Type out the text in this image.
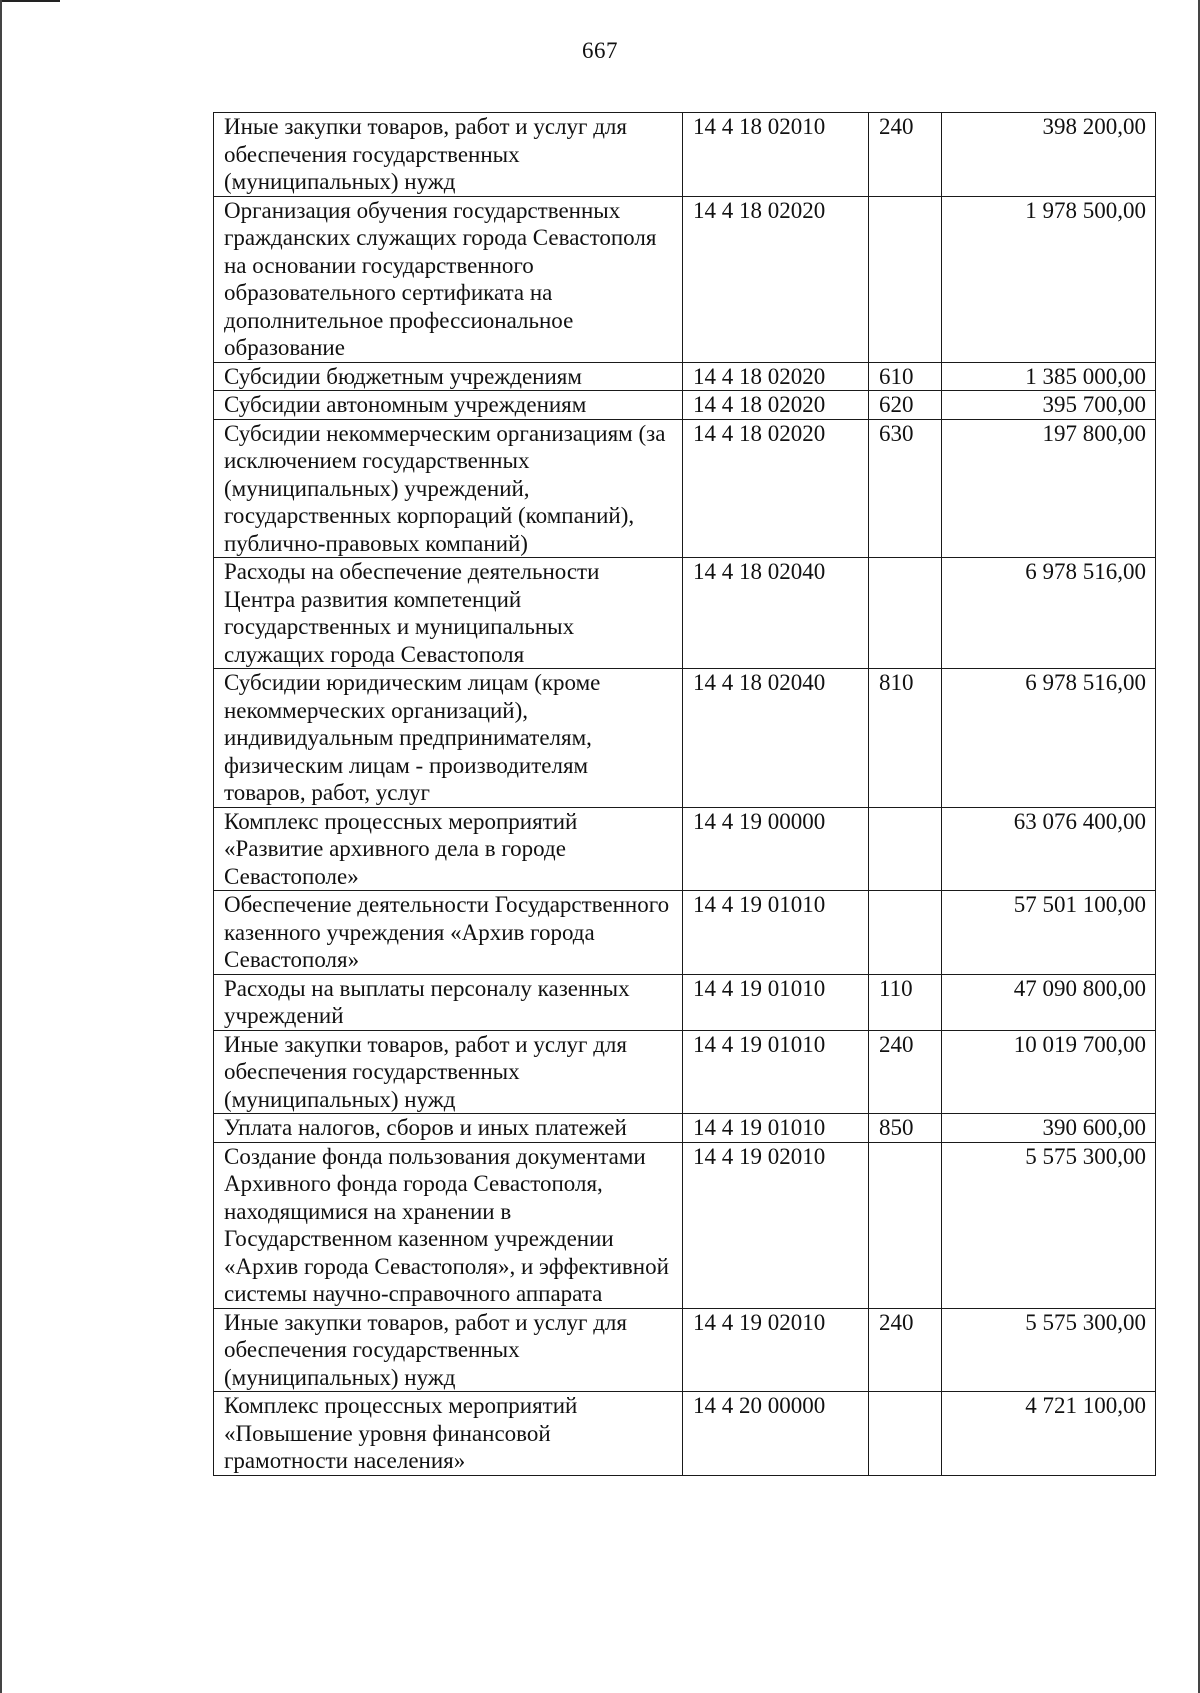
667
Иные закупки товаров, работ и услуг для обеспечения государственных (муниципальных) нужд	14 4 18 02010	240	398 200,00
Организация обучения государственных гражданских служащих города Севастополя на основании государственного образовательного сертификата на дополнительное профессиональное образование	14 4 18 02020		1 978 500,00
Субсидии бюджетным учреждениям	14 4 18 02020	610	1 385 000,00
Субсидии автономным учреждениям	14 4 18 02020	620	395 700,00
Субсидии некоммерческим организациям (за исключением государственных (муниципальных) учреждений, государственных корпораций (компаний), публично-правовых компаний)	14 4 18 02020	630	197 800,00
Расходы на обеспечение деятельности Центра развития компетенций государственных и муниципальных служащих города Севастополя	14 4 18 02040		6 978 516,00
Субсидии юридическим лицам (кроме некоммерческих организаций), индивидуальным предпринимателям, физическим лицам - производителям товаров, работ, услуг	14 4 18 02040	810	6 978 516,00
Комплекс процессных мероприятий «Развитие архивного дела в городе Севастополе»	14 4 19 00000		63 076 400,00
Обеспечение деятельности Государственного казенного учреждения «Архив города Севастополя»	14 4 19 01010		57 501 100,00
Расходы на выплаты персоналу казенных учреждений	14 4 19 01010	110	47 090 800,00
Иные закупки товаров, работ и услуг для обеспечения государственных (муниципальных) нужд	14 4 19 01010	240	10 019 700,00
Уплата налогов, сборов и иных платежей	14 4 19 01010	850	390 600,00
Создание фонда пользования документами Архивного фонда города Севастополя, находящимися на хранении в Государственном казенном учреждении «Архив города Севастополя», и эффективной системы научно-справочного аппарата	14 4 19 02010		5 575 300,00
Иные закупки товаров, работ и услуг для обеспечения государственных (муниципальных) нужд	14 4 19 02010	240	5 575 300,00
Комплекс процессных мероприятий «Повышение уровня финансовой грамотности населения»	14 4 20 00000		4 721 100,00
